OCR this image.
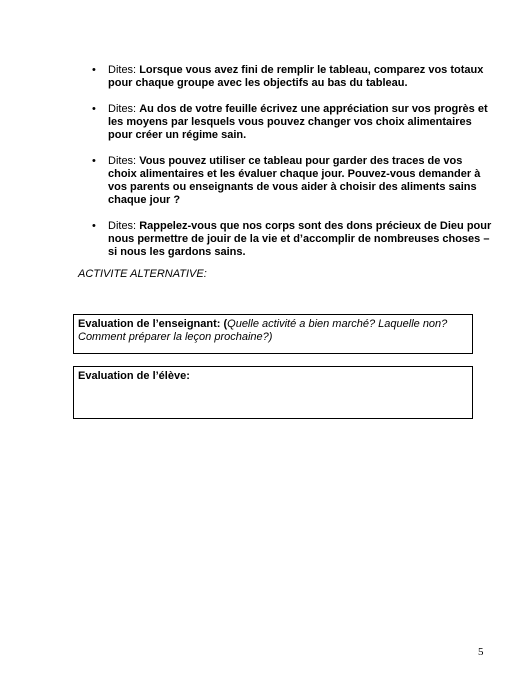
• Dites: Lorsque vous avez fini de remplir le tableau, comparez vos totaux pour chaque groupe avec les objectifs au bas du tableau.
• Dites: Au dos de votre feuille écrivez une appréciation sur vos progrès et les moyens par lesquels vous pouvez changer vos choix alimentaires pour créer un régime sain.
• Dites: Vous pouvez utiliser ce tableau pour garder des traces de vos choix alimentaires et les évaluer chaque jour. Pouvez-vous demander à vos parents ou enseignants de vous aider à choisir des aliments sains chaque jour ?
• Dites: Rappelez-vous que nos corps sont des dons précieux de Dieu pour nous permettre de jouir de la vie et d’accomplir de nombreuses choses – si nous les gardons sains.
ACTIVITE ALTERNATIVE:
Evaluation de l’enseignant: (Quelle activité a bien marché? Laquelle non? Comment préparer la leçon prochaine?)
Evaluation de l’élève:
5
